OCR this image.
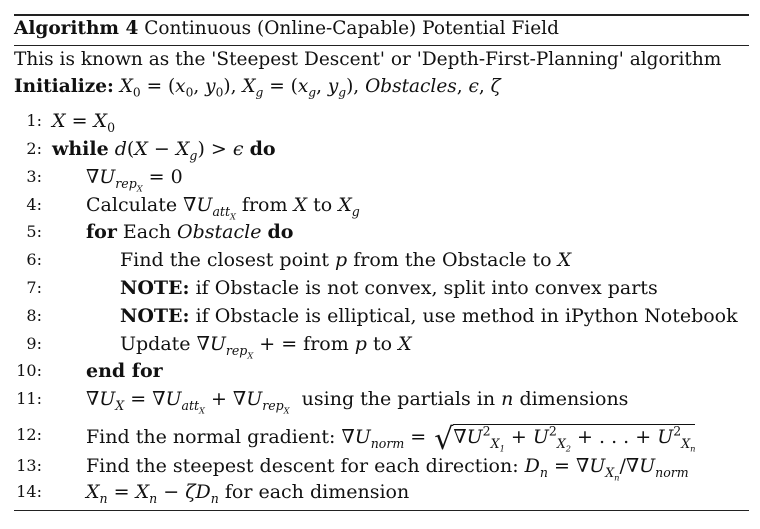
Algorithm 4 Continuous (Online-Capable) Potential Field
This is known as the 'Steepest Descent' or 'Depth-First-Planning' algorithm
Initialize: $X_0 = (x_0$, $y_0$), $X_g = (x_g$, $y_g$), Obstacles, ϵ, ζ
1:
2:
3:
4:
5:
6:
7:
8:
9:
10:
11:
12:
13:
14:
$X = X_0$
while $d(X - X_g) > \epsilon$ do
$\nabla U_{rep_X} = 0$
Calculate $\nabla U_{att_X}$ from X to $X_g$
for Each Obstacle do
Find the closest point p from the Obstacle to X
NOTE: if Obstacle is not convex, split into convex parts
NOTE: if Obstacle is elliptical, use method in iPython Notebook
Update $\nabla U_{rep_X}$ + = from p to X
end for
$\nabla U_X = \nabla U_{att_X} + \nabla U_{rep_X}$  using the partials in n dimensions
Find the normal gradient: $\nabla U_{norm} = √\nabla U^2_{X_1} + U^2_{X_2}$ + . . . + $U^2_{X_n}$
Find the steepest descent for each direction: $D_n = \nabla U_{X_n}/\nabla U_{norm}$
$X_n = X_n - \zeta D_n$ for each dimension
